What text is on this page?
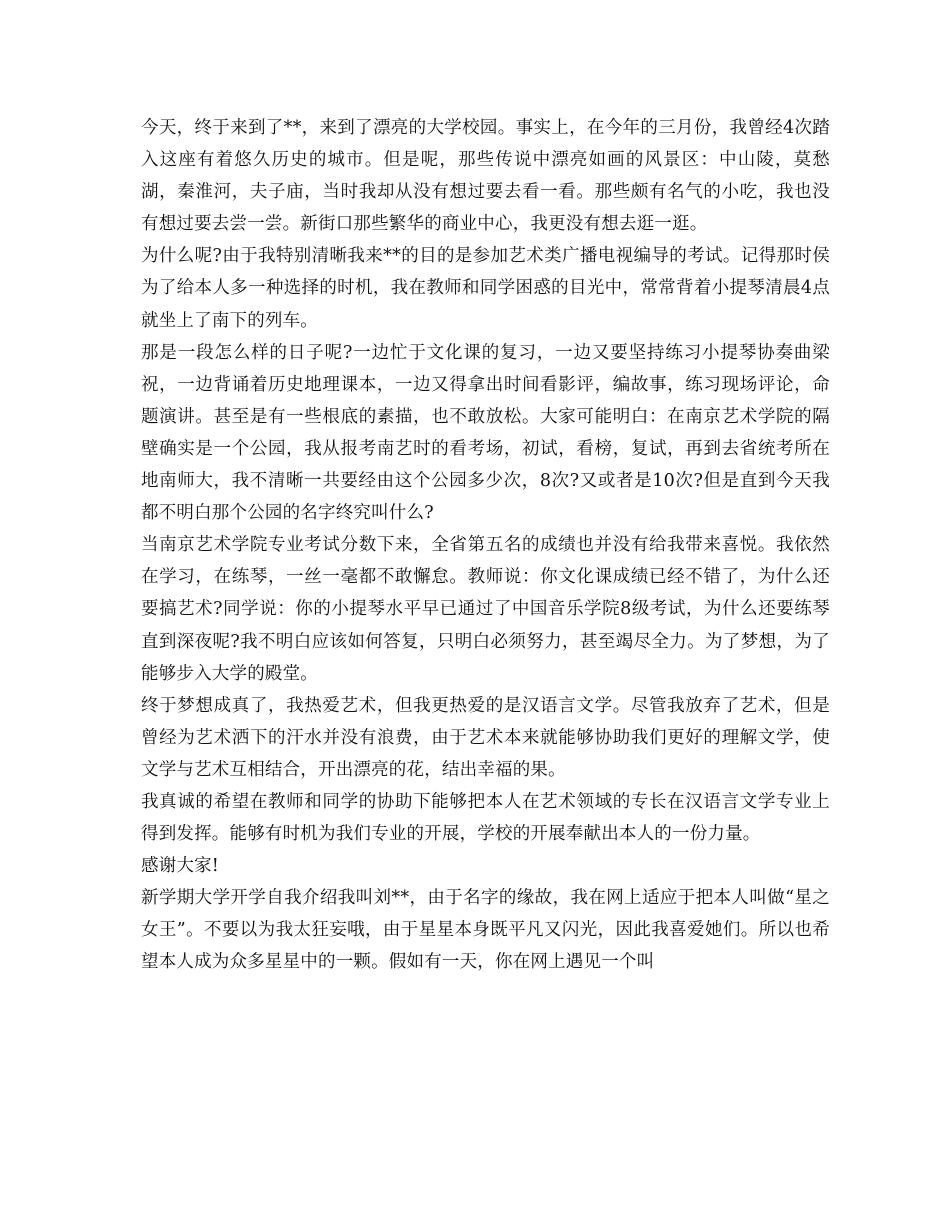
今天，终于来到了**，来到了漂亮的大学校园。事实上，在今年的三月份，我曾经4次踏入这座有着悠久历史的城市。但是呢，那些传说中漂亮如画的风景区：中山陵，莫愁湖，秦淮河，夫子庙，当时我却从没有想过要去看一看。那些颇有名气的小吃，我也没有想过要去尝一尝。新街口那些繁华的商业中心，我更没有想去逛一逛。

为什么呢?由于我特别清晰我来**的目的是参加艺术类广播电视编导的考试。记得那时侯为了给本人多一种选择的时机，我在教师和同学困惑的目光中，常常背着小提琴清晨4点就坐上了南下的列车。

那是一段怎么样的日子呢?一边忙于文化课的复习，一边又要坚持练习小提琴协奏曲梁祝，一边背诵着历史地理课本，一边又得拿出时间看影评，编故事，练习现场评论，命题演讲。甚至是有一些根底的素描，也不敢放松。大家可能明白：在南京艺术学院的隔壁确实是一个公园，我从报考南艺时的看考场，初试，看榜，复试，再到去省统考所在地南师大，我不清晰一共要经由这个公园多少次，8次?又或者是10次?但是直到今天我都不明白那个公园的名字终究叫什么?

当南京艺术学院专业考试分数下来，全省第五名的成绩也并没有给我带来喜悦。我依然在学习，在练琴，一丝一毫都不敢懈怠。教师说：你文化课成绩已经不错了，为什么还要搞艺术?同学说：你的小提琴水平早已通过了中国音乐学院8级考试，为什么还要练琴直到深夜呢?我不明白应该如何答复，只明白必须努力，甚至竭尽全力。为了梦想，为了能够步入大学的殿堂。

终于梦想成真了，我热爱艺术，但我更热爱的是汉语言文学。尽管我放弃了艺术，但是曾经为艺术洒下的汗水并没有浪费，由于艺术本来就能够协助我们更好的理解文学，使文学与艺术互相结合，开出漂亮的花，结出幸福的果。

我真诚的希望在教师和同学的协助下能够把本人在艺术领域的专长在汉语言文学专业上得到发挥。能够有时机为我们专业的开展，学校的开展奉献出本人的一份力量。

感谢大家!

新学期大学开学自我介绍我叫刘**，由于名字的缘故，我在网上适应于把本人叫做“星之女王”。不要以为我太狂妄哦，由于星星本身既平凡又闪光，因此我喜爱她们。所以也希望本人成为众多星星中的一颗。假如有一天，你在网上遇见一个叫
